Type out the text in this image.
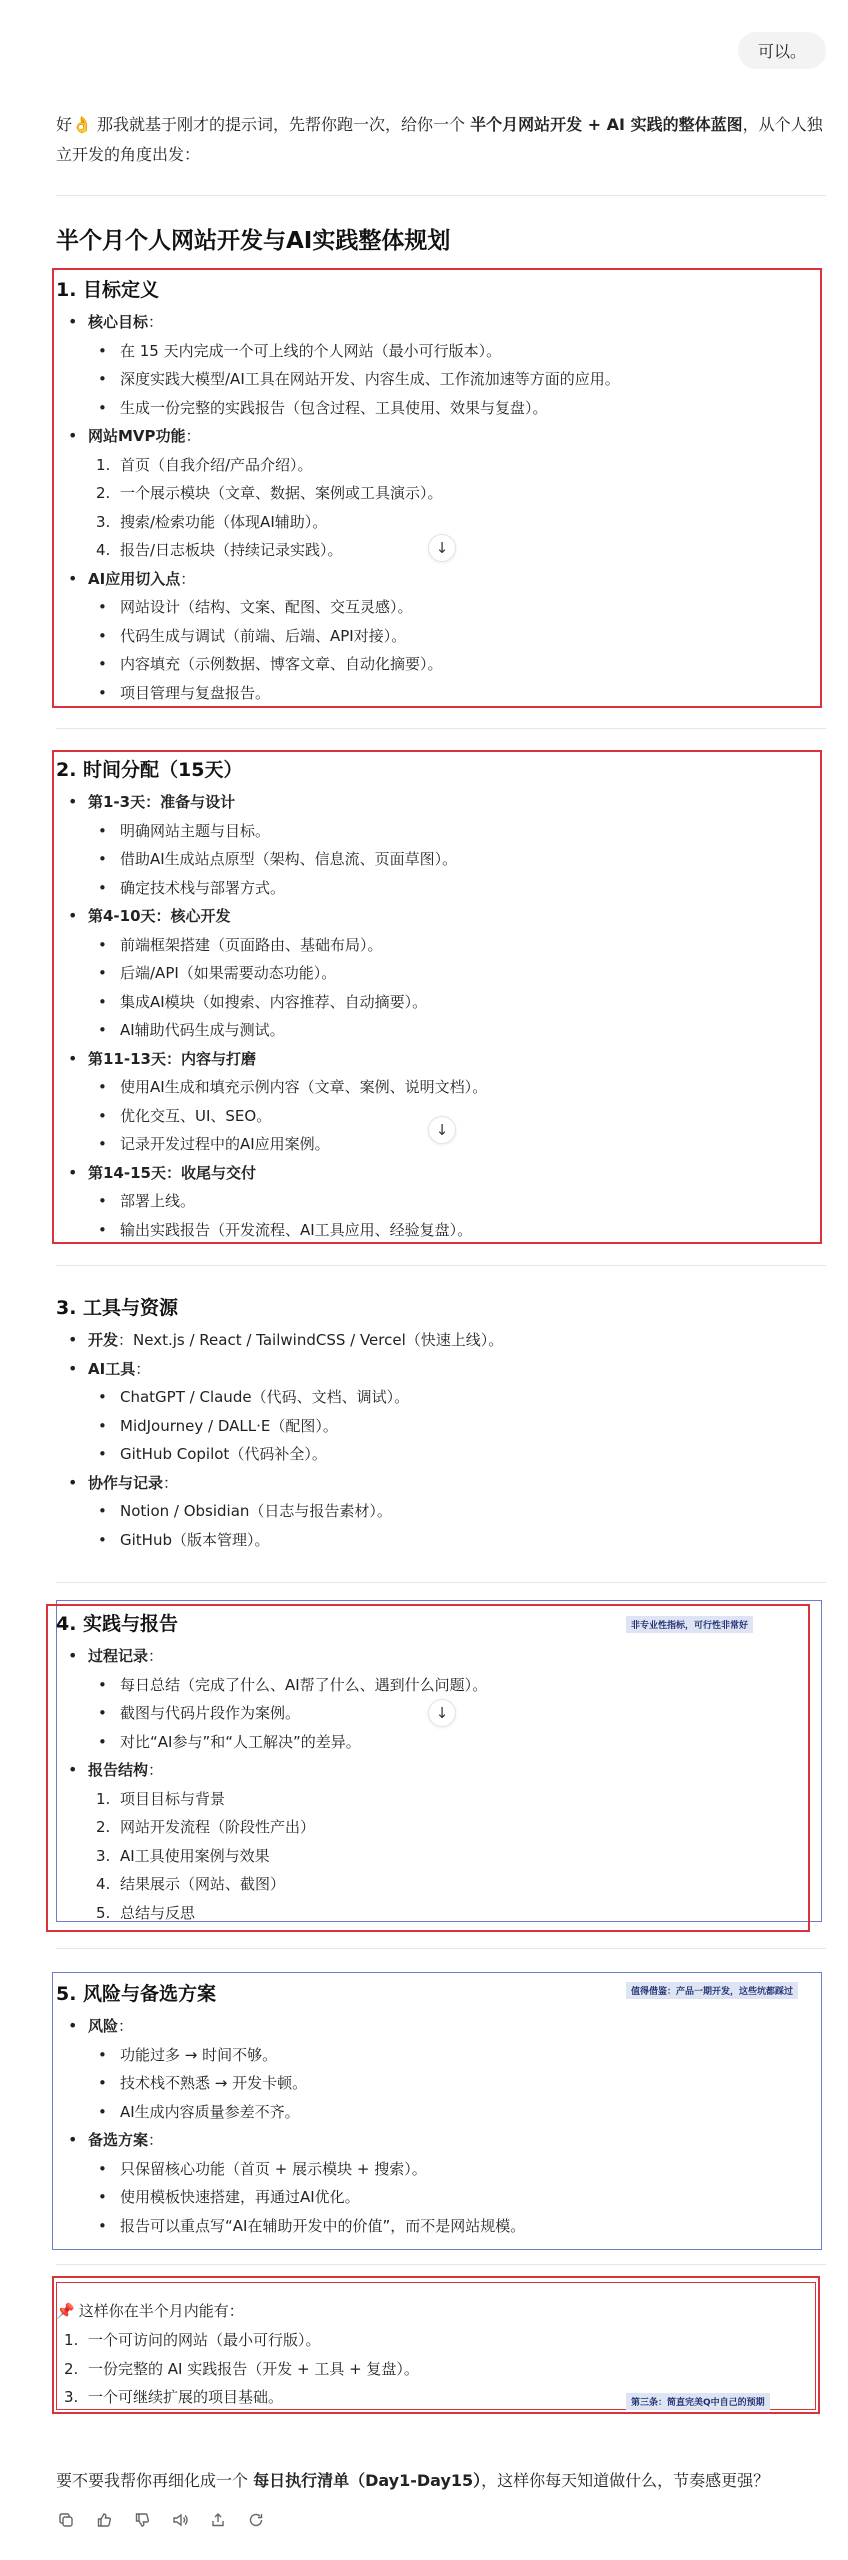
可以。
好👌 那我就基于刚才的提示词，先帮你跑一次，给你一个 半个月网站开发 + AI 实践的整体蓝图，从个人独立开发的角度出发：
半个月个人网站开发与AI实践整体规划
1. 目标定义
• 核心目标：
• 在 15 天内完成一个可上线的个人网站（最小可行版本）。
• 深度实践大模型/AI工具在网站开发、内容生成、工作流加速等方面的应用。
• 生成一份完整的实践报告（包含过程、工具使用、效果与复盘）。
• 网站MVP功能：
1. 首页（自我介绍/产品介绍）。
2. 一个展示模块（文章、数据、案例或工具演示）。
3. 搜索/检索功能（体现AI辅助）。
4. 报告/日志板块（持续记录实践）。
• AI应用切入点：
• 网站设计（结构、文案、配图、交互灵感）。
• 代码生成与调试（前端、后端、API对接）。
• 内容填充（示例数据、博客文章、自动化摘要）。
• 项目管理与复盘报告。
↓
2. 时间分配（15天）
• 第1-3天：准备与设计
• 明确网站主题与目标。
• 借助AI生成站点原型（架构、信息流、页面草图）。
• 确定技术栈与部署方式。
• 第4-10天：核心开发
• 前端框架搭建（页面路由、基础布局）。
• 后端/API（如果需要动态功能）。
• 集成AI模块（如搜索、内容推荐、自动摘要）。
• AI辅助代码生成与测试。
• 第11-13天：内容与打磨
• 使用AI生成和填充示例内容（文章、案例、说明文档）。
• 优化交互、UI、SEO。
• 记录开发过程中的AI应用案例。
• 第14-15天：收尾与交付
• 部署上线。
• 输出实践报告（开发流程、AI工具应用、经验复盘）。
↓
3. 工具与资源
• 开发：Next.js / React / TailwindCSS / Vercel（快速上线）。
• AI工具：
• ChatGPT / Claude（代码、文档、调试）。
• MidJourney / DALL·E（配图）。
• GitHub Copilot（代码补全）。
• 协作与记录：
• Notion / Obsidian（日志与报告素材）。
• GitHub（版本管理）。
非专业性指标，可行性非常好
4. 实践与报告
• 过程记录：
• 每日总结（完成了什么、AI帮了什么、遇到什么问题）。
• 截图与代码片段作为案例。
• 对比“AI参与”和“人工解决”的差异。
• 报告结构：
1. 项目目标与背景
2. 网站开发流程（阶段性产出）
3. AI工具使用案例与效果
4. 结果展示（网站、截图）
5. 总结与反思
↓
值得借鉴：产品一期开发，这些坑都踩过
5. 风险与备选方案
• 风险：
• 功能过多 → 时间不够。
• 技术栈不熟悉 → 开发卡顿。
• AI生成内容质量参差不齐。
• 备选方案：
• 只保留核心功能（首页 + 展示模块 + 搜索）。
• 使用模板快速搭建，再通过AI优化。
• 报告可以重点写“AI在辅助开发中的价值”，而不是网站规模。
📌 这样你在半个月内能有：
1. 一个可访问的网站（最小可行版）。
2. 一份完整的 AI 实践报告（开发 + 工具 + 复盘）。
3. 一个可继续扩展的项目基础。	第三条：简直完美Q中自己的预期
要不要我帮你再细化成一个 每日执行清单（Day1-Day15），这样你每天知道做什么，节奏感更强？
